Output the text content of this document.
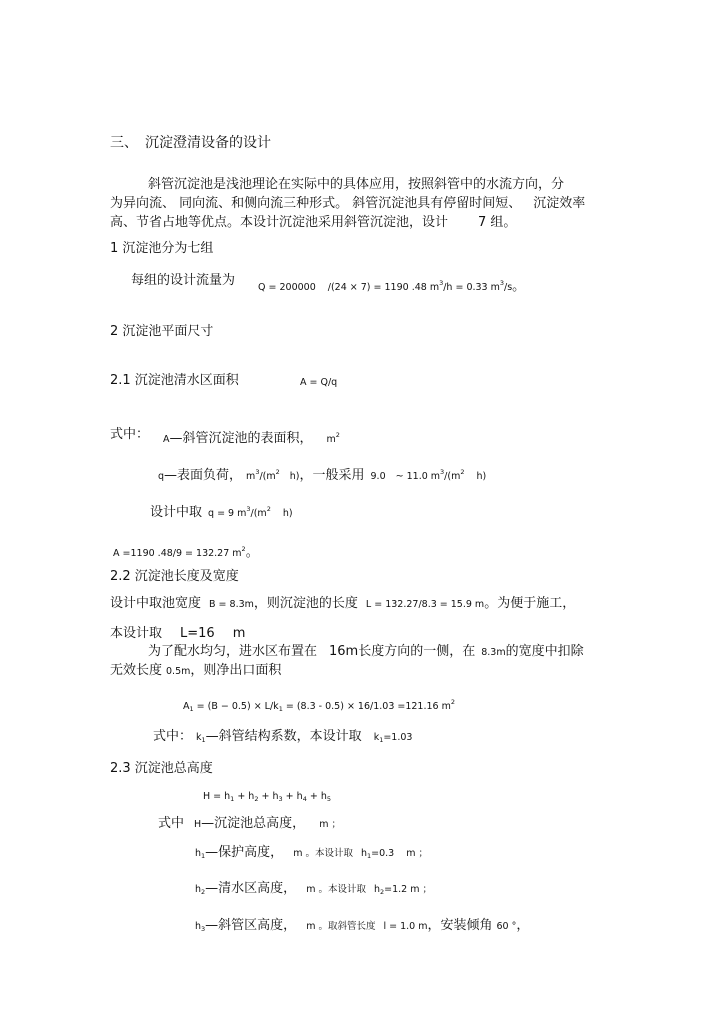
三、　沉淀澄清设备的设计
斜管沉淀池是浅池理论在实际中的具体应用，按照斜管中的水流方向，分
为异向流、 同向流、和侧向流三种形式。 斜管沉淀池具有停留时间短、 沉淀效率
高、节省占地等优点。本设计沉淀池采用斜管沉淀池，设计 7 组。
1 沉淀池分为七组
每组的设计流量为 Q = 200000 /(24 × 7) = 1190 .48 $m^3/h = 0.33$ $m^3/s$。
2 沉淀池平面尺寸
2.1 沉淀池清水区面积	A = Q/q
式中： A—斜管沉淀池的表面积， $m^2$
q—表面负荷， $m^3/(m^2$ h)，一般采用 9.0 ~ 11.0 $m^3/(m^2$ h)
设计中取 q = 9 $m^3/(m^2$ h)
A =1190 .48/9 = 132.27 $m^2$。
2.2 沉淀池长度及宽度
设计中取池宽度 B = 8.3m，则沉淀池的长度 L = 132.27/8.3 = 15.9 m。为便于施工，
本设计取 L=16 m
为了配水均匀，进水区布置在 16m长度方向的一侧，在 8.3m的宽度中扣除
无效长度 0.5m，则净出口面积
$A_1 = (B - 0.5) \times L/k_1 = (8.3 - 0.5) \times 16/1.03 =121.16$ $m^2$
式中： $k_1—$斜管结构系数，本设计取 $k_1=1.03$
2.3 沉淀池总高度
$H = h_1 + h_2 + h_3 + h_4 + h_5$
式中 H—沉淀池总高度， m ；
$h_1—$保护高度， m 。本设计取 $h_1=0.3$ m ；
$h_2—$清水区高度， m 。本设计取 $h_2=1.2$ m ；
$h_3—$斜管区高度， m 。取斜管长度 l = 1.0 m，安装倾角 60 °，
